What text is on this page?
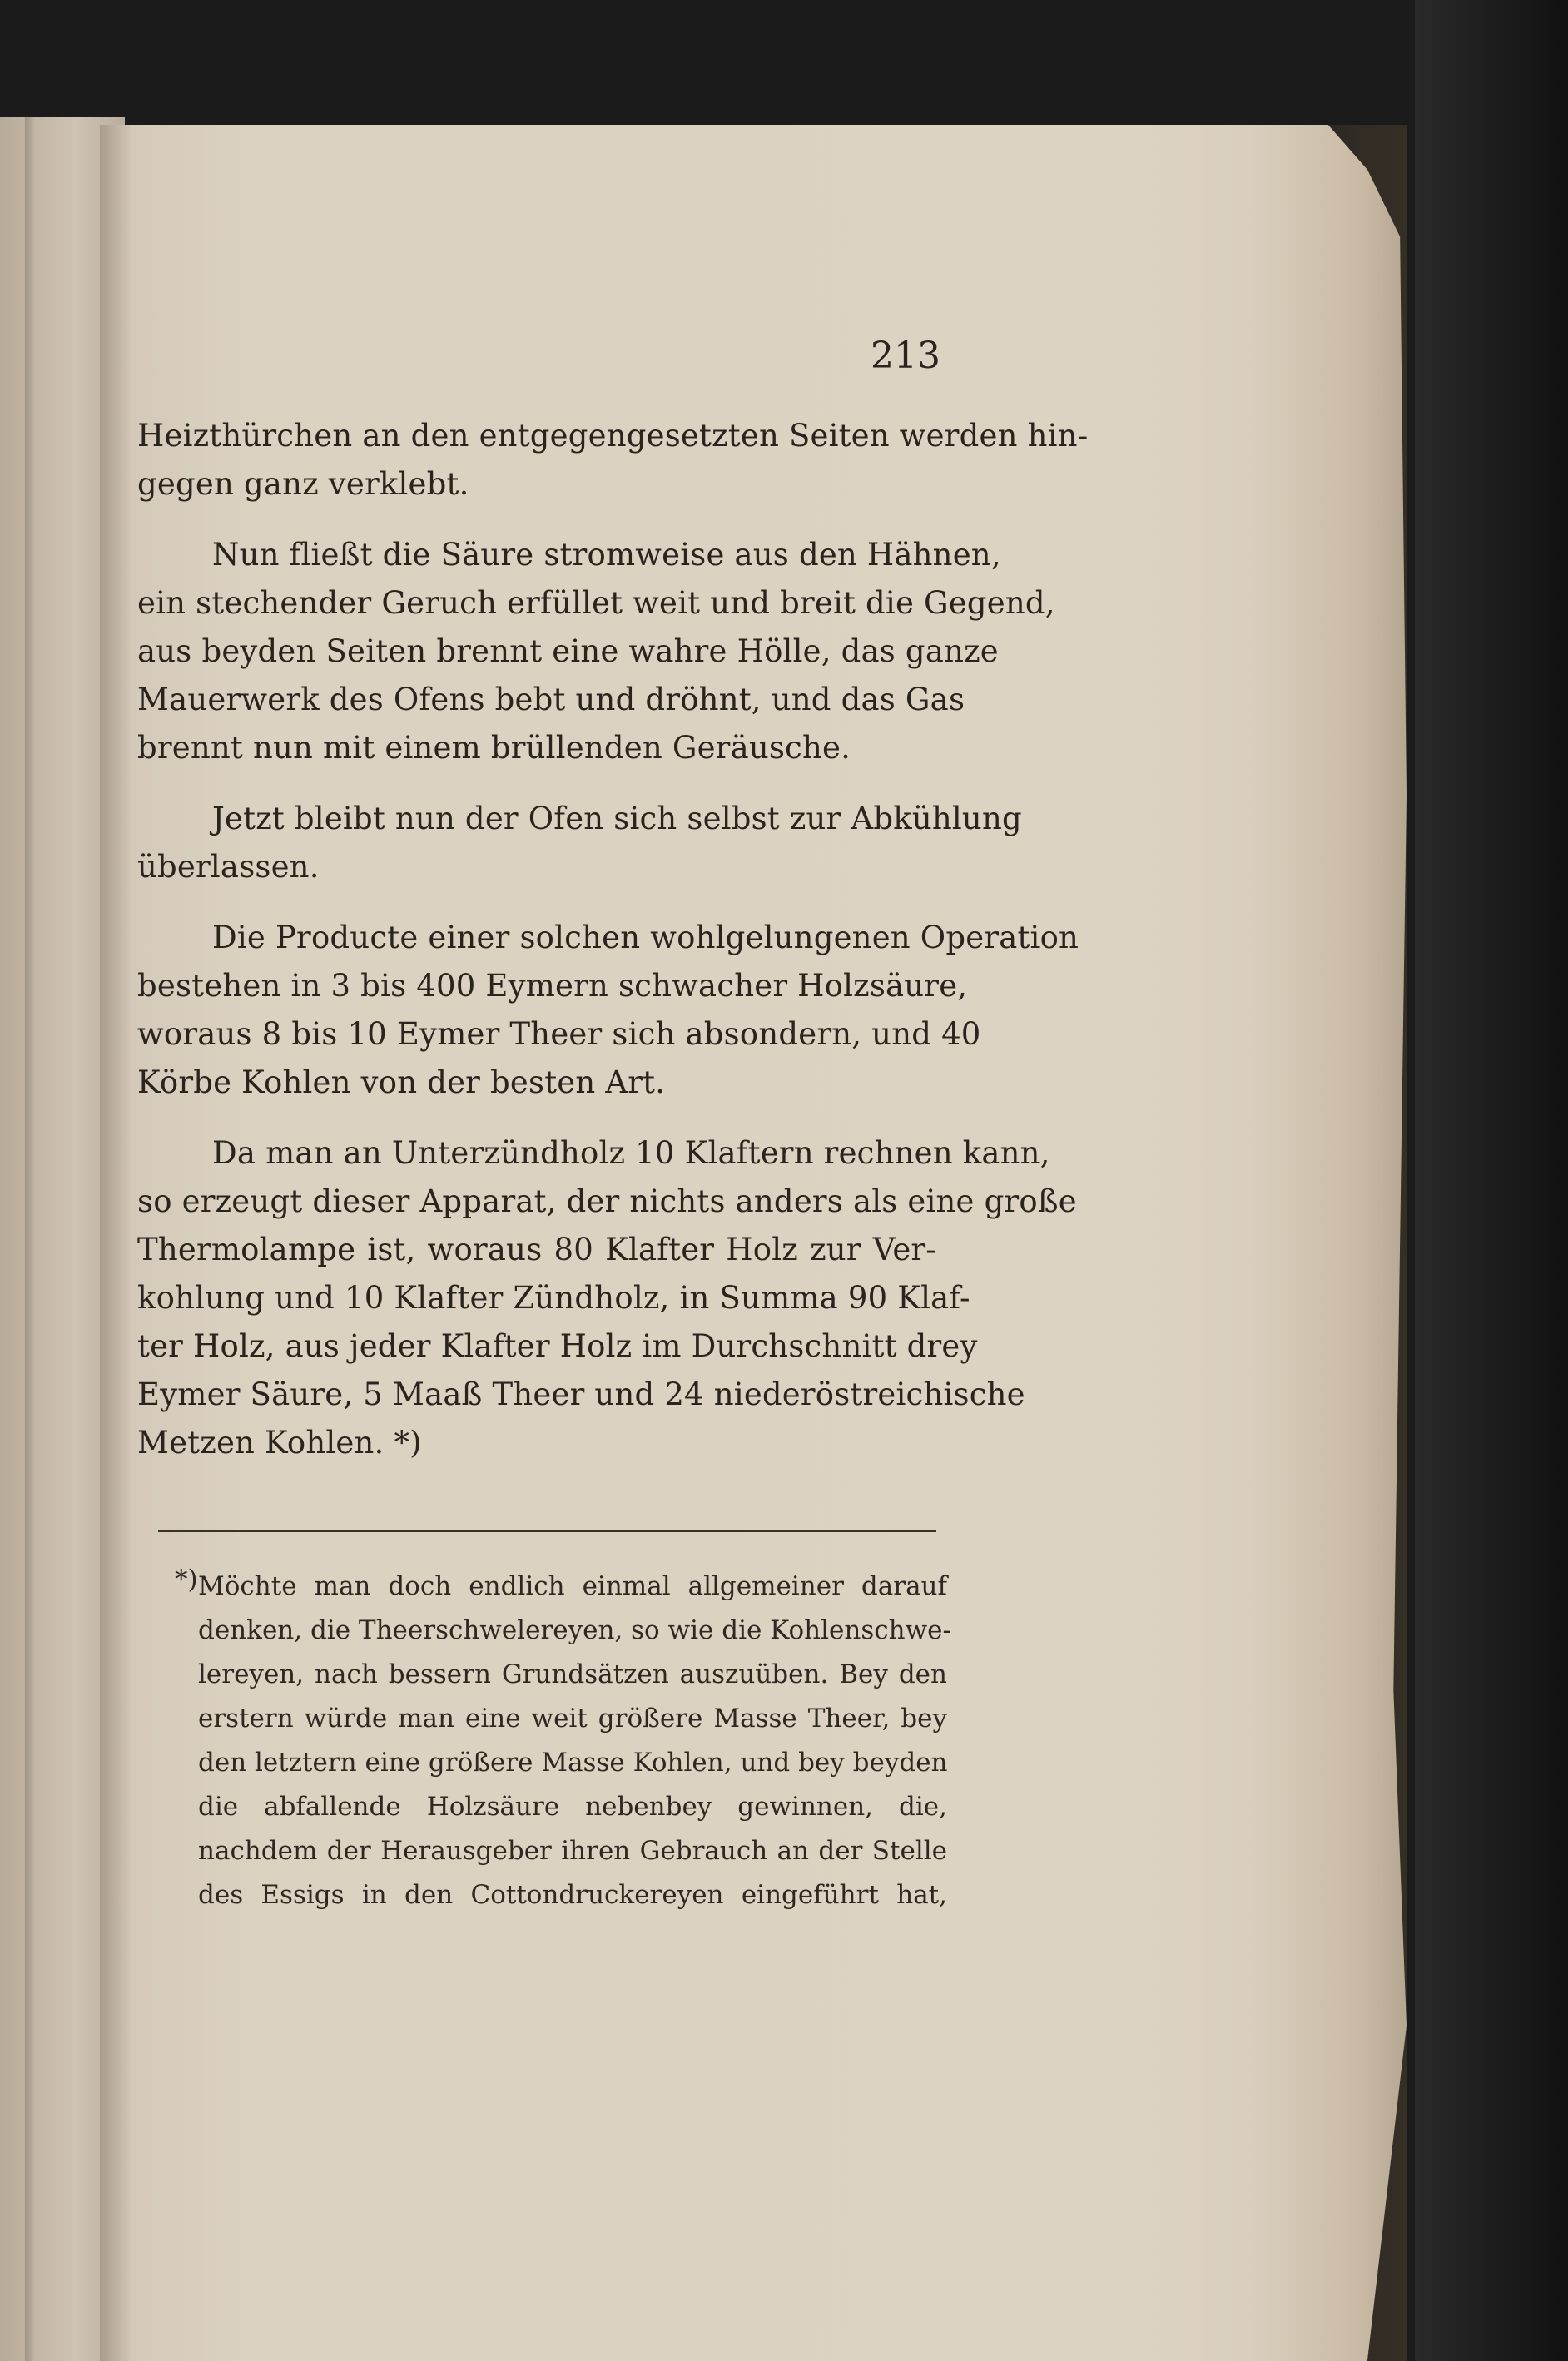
213
Heizthürchen an den entgegengesetzten Seiten werden hin-
gegen ganz verklebt.
Nun fließt die Säure stromweise aus den Hähnen,
ein stechender Geruch erfüllet weit und breit die Gegend,
aus beyden Seiten brennt eine wahre Hölle, das ganze
Mauerwerk des Ofens bebt und dröhnt, und das Gas
brennt nun mit einem brüllenden Geräusche.
Jetzt bleibt nun der Ofen sich selbst zur Abkühlung
überlassen.
Die Producte einer solchen wohlgelungenen Operation
bestehen in 3 bis 400 Eymern schwacher Holzsäure,
woraus 8 bis 10 Eymer Theer sich absondern, und 40
Körbe Kohlen von der besten Art.
Da man an Unterzündholz 10 Klaftern rechnen kann,
so erzeugt dieser Apparat, der nichts anders als eine große
Thermolampe ist, woraus 80 Klafter Holz zur Ver-
kohlung und 10 Klafter Zündholz, in Summa 90 Klaf-
ter Holz, aus jeder Klafter Holz im Durchschnitt drey
Eymer Säure, 5 Maaß Theer und 24 niederöstreichische
Metzen Kohlen. *)
*) Möchte man doch endlich einmal allgemeiner darauf
denken, die Theerschwelereyen, so wie die Kohlenschwe-
lereyen, nach bessern Grundsätzen auszuüben. Bey den
erstern würde man eine weit größere Masse Theer, bey
den letztern eine größere Masse Kohlen, und bey beyden
die abfallende Holzsäure nebenbey gewinnen, die,
nachdem der Herausgeber ihren Gebrauch an der Stelle
des Essigs in den Cottondruckereyen eingeführt hat,
